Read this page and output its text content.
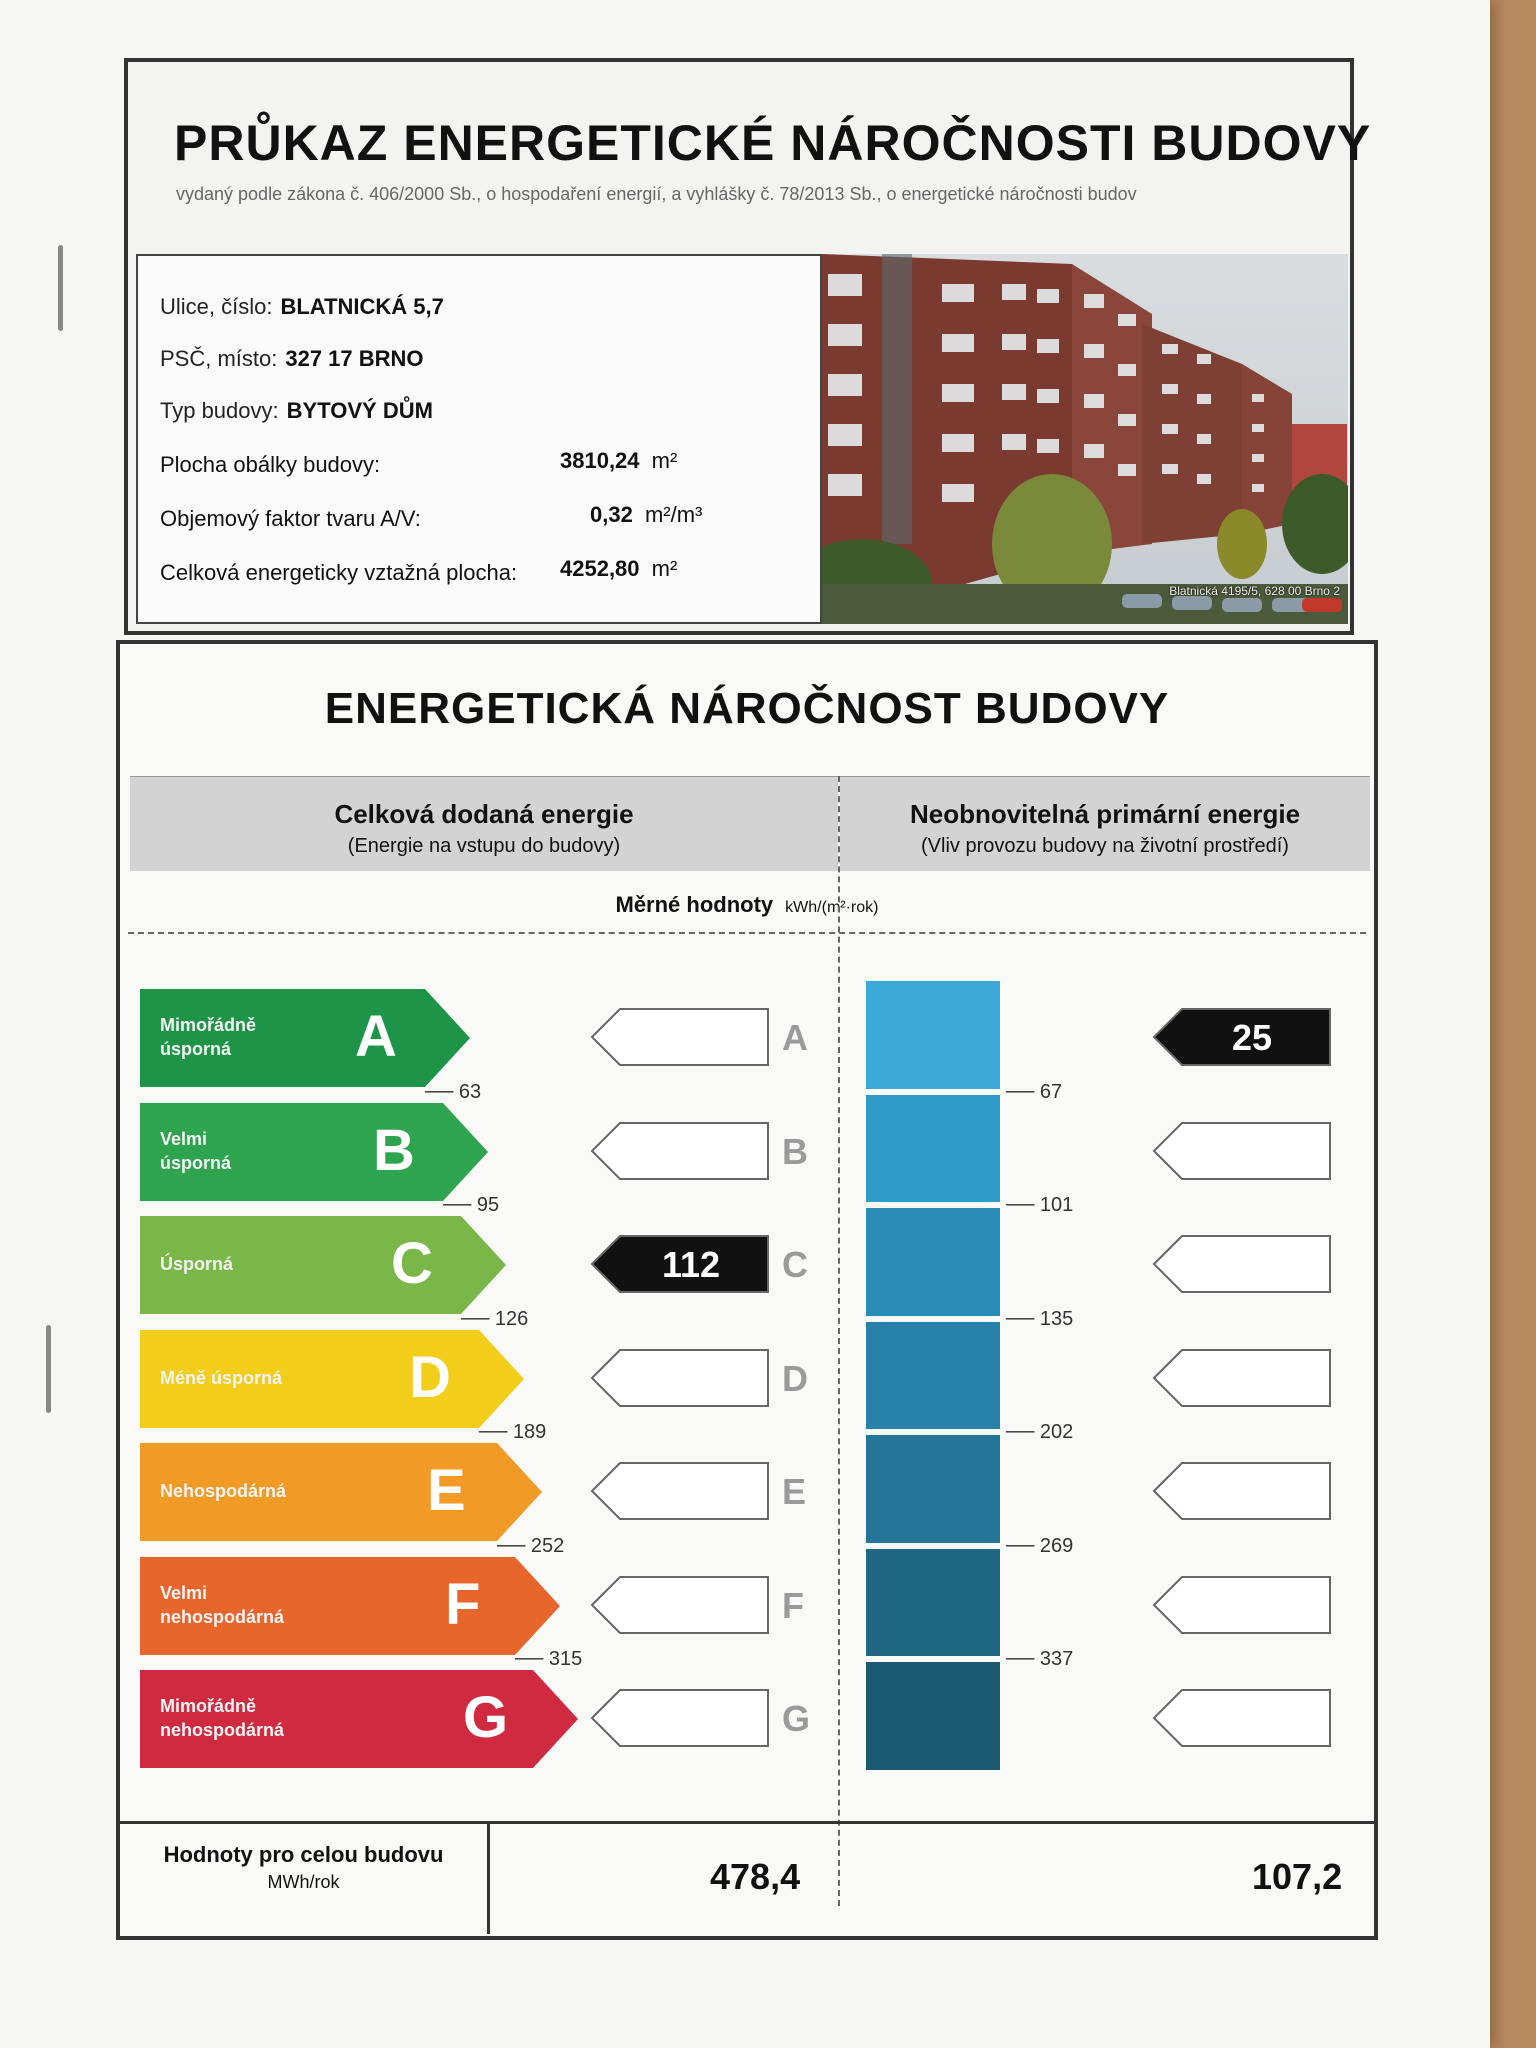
PRŮKAZ ENERGETICKÉ NÁROČNOSTI BUDOVY
vydaný podle zákona č. 406/2000 Sb., o hospodaření energií, a vyhlášky č. 78/2013 Sb., o energetické náročnosti budov
Ulice, číslo: BLATNICKÁ 5,7
PSČ, místo: 327 17 BRNO
Typ budovy: BYTOVÝ DŮM
Plocha obálky budovy:	3810,24 m²
Objemový faktor tvaru A/V:	0,32 m²/m³
Celková energeticky vztažná plocha: 4252,80 m²
Blatnická 4195/5, 628 00 Brno 2
ENERGETICKÁ NÁROČNOST BUDOVY
Celková dodaná energie
(Energie na vstupu do budovy)
Neobnovitelná primární energie
(Vliv provozu budovy na životní prostředí)
Měrné hodnoty kWh/(m²·rok)
Mimořádně
úsporná	A
Velmi
úsporná B
Úsporná	C
Méně úsporná D
Nehospodárná E
Velmi
nehospodárná	F
Mimořádně
nehospodárná	G
A
B
112 C
D
E
F
G
25
── 63
── 95
── 126
── 189
── 252
── 315
── 67
── 101
── 135
── 202
── 269
── 337
Hodnoty pro celou budovu
MWh/rok	478,4	107,2
